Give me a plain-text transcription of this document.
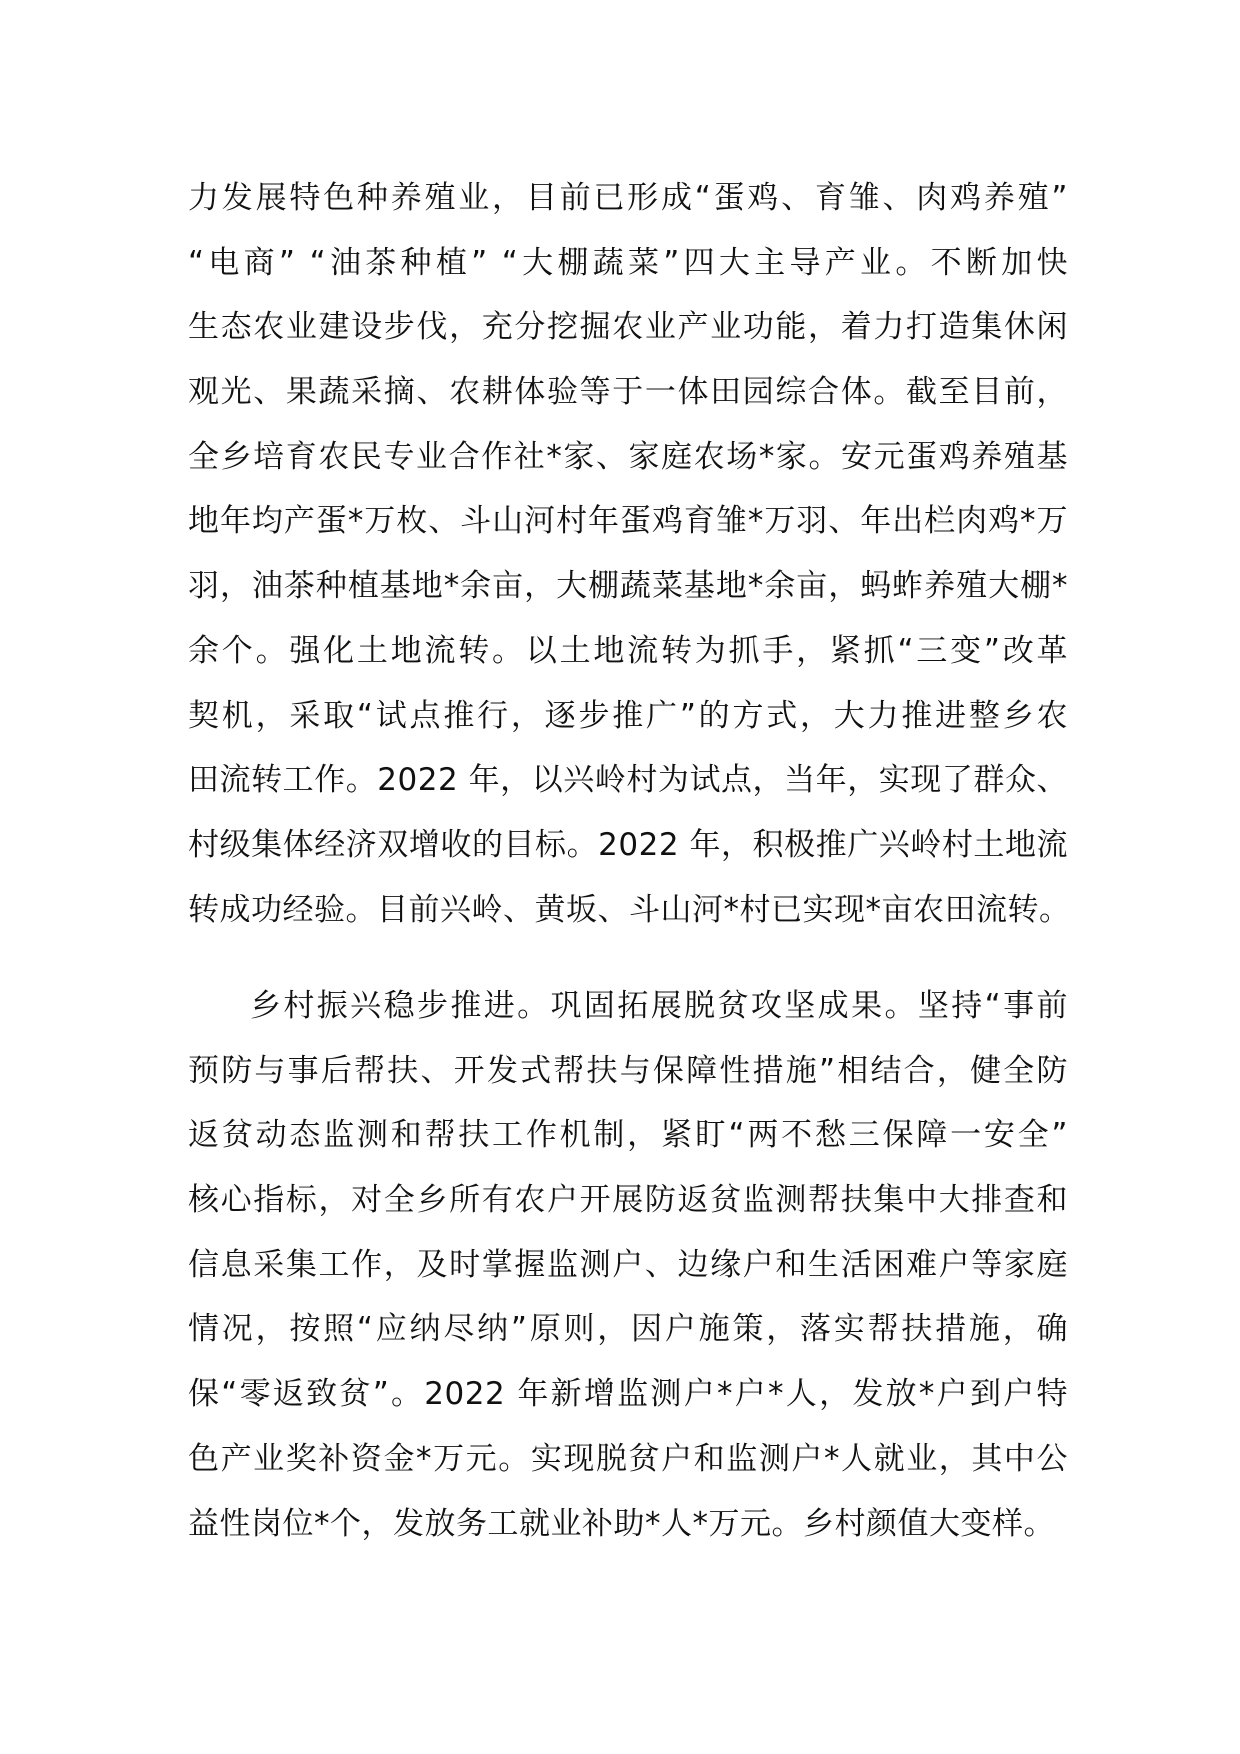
力发展特色种养殖业，目前已形成“蛋鸡、育雏、肉鸡养殖”
“电商” “油茶种植” “大棚蔬菜”四大主导产业。不断加快
生态农业建设步伐，充分挖掘农业产业功能，着力打造集休闲
观光、果蔬采摘、农耕体验等于一体田园综合体。截至目前，
全乡培育农民专业合作社*家、家庭农场*家。安元蛋鸡养殖基
地年均产蛋*万枚、斗山河村年蛋鸡育雏*万羽、年出栏肉鸡*万
羽，油茶种植基地*余亩，大棚蔬菜基地*余亩，蚂蚱养殖大棚*
余个。强化土地流转。以土地流转为抓手，紧抓“三变”改革
契机，采取“试点推行，逐步推广”的方式，大力推进整乡农
田流转工作。2022 年，以兴岭村为试点，当年，实现了群众、
村级集体经济双增收的目标。2022 年，积极推广兴岭村土地流
转成功经验。目前兴岭、黄坂、斗山河*村已实现*亩农田流转。
乡村振兴稳步推进。巩固拓展脱贫攻坚成果。坚持“事前
预防与事后帮扶、开发式帮扶与保障性措施”相结合，健全防
返贫动态监测和帮扶工作机制，紧盯“两不愁三保障一安全”
核心指标，对全乡所有农户开展防返贫监测帮扶集中大排查和
信息采集工作，及时掌握监测户、边缘户和生活困难户等家庭
情况，按照“应纳尽纳”原则，因户施策，落实帮扶措施，确
保“零返致贫”。2022 年新增监测户*户*人，发放*户到户特
色产业奖补资金*万元。实现脱贫户和监测户*人就业，其中公
益性岗位*个，发放务工就业补助*人*万元。乡村颜值大变样。
